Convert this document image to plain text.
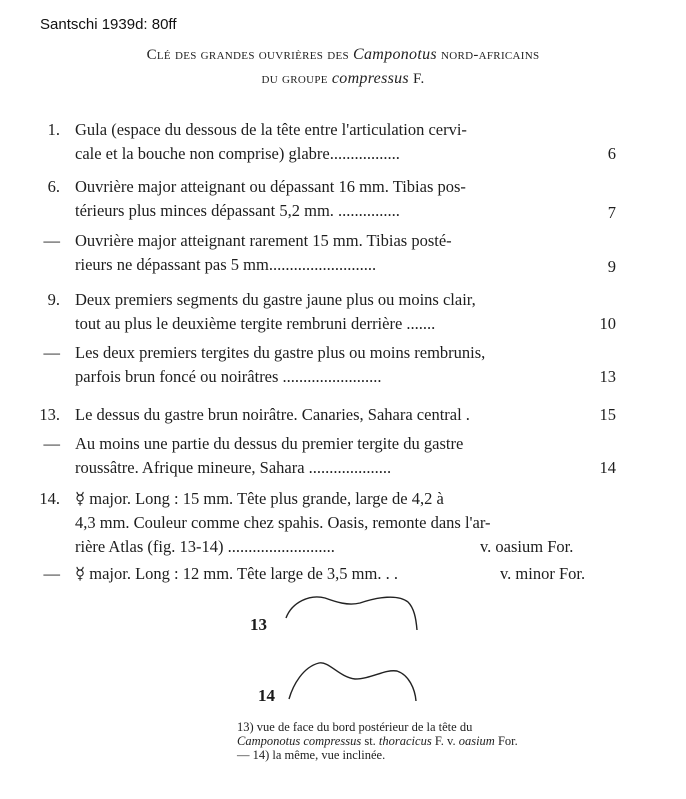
Santschi 1939d: 80ff
Clé des grandes ouvrières des Camponotus nord-africains
du groupe compressus F.
1. Gula (espace du dessous de la tête entre l'articulation cervi-
cale et la bouche non comprise) glabre.................	6
6. Ouvrière major atteignant ou dépassant 16 mm. Tibias pos-
térieurs plus minces dépassant 5,2 mm. ...............	7
— Ouvrière major atteignant rarement 15 mm. Tibias posté-
rieurs ne dépassant pas 5 mm..........................	9
9. Deux premiers segments du gastre jaune plus ou moins clair,
tout au plus le deuxième tergite rembruni derrière .......	10
— Les deux premiers tergites du gastre plus ou moins rembrunis,
parfois brun foncé ou noirâtres ........................	13
13. Le dessus du gastre brun noirâtre. Canaries, Sahara central .	15
— Au moins une partie du dessus du premier tergite du gastre
roussâtre. Afrique mineure, Sahara ....................	14
14. ☿ major. Long : 15 mm. Tête plus grande, large de 4,2 à
4,3 mm. Couleur comme chez spahis. Oasis, remonte dans l'ar-
rière Atlas (fig. 13-14) ..........................	v. oasium For.
— ☿ major. Long : 12 mm. Tête large de 3,5 mm. . .	v. minor For.
13
14
13) vue de face du bord postérieur de la tête du Camponotus compressus st. thoracicus F. v. oasium For. — 14) la même, vue inclinée.
